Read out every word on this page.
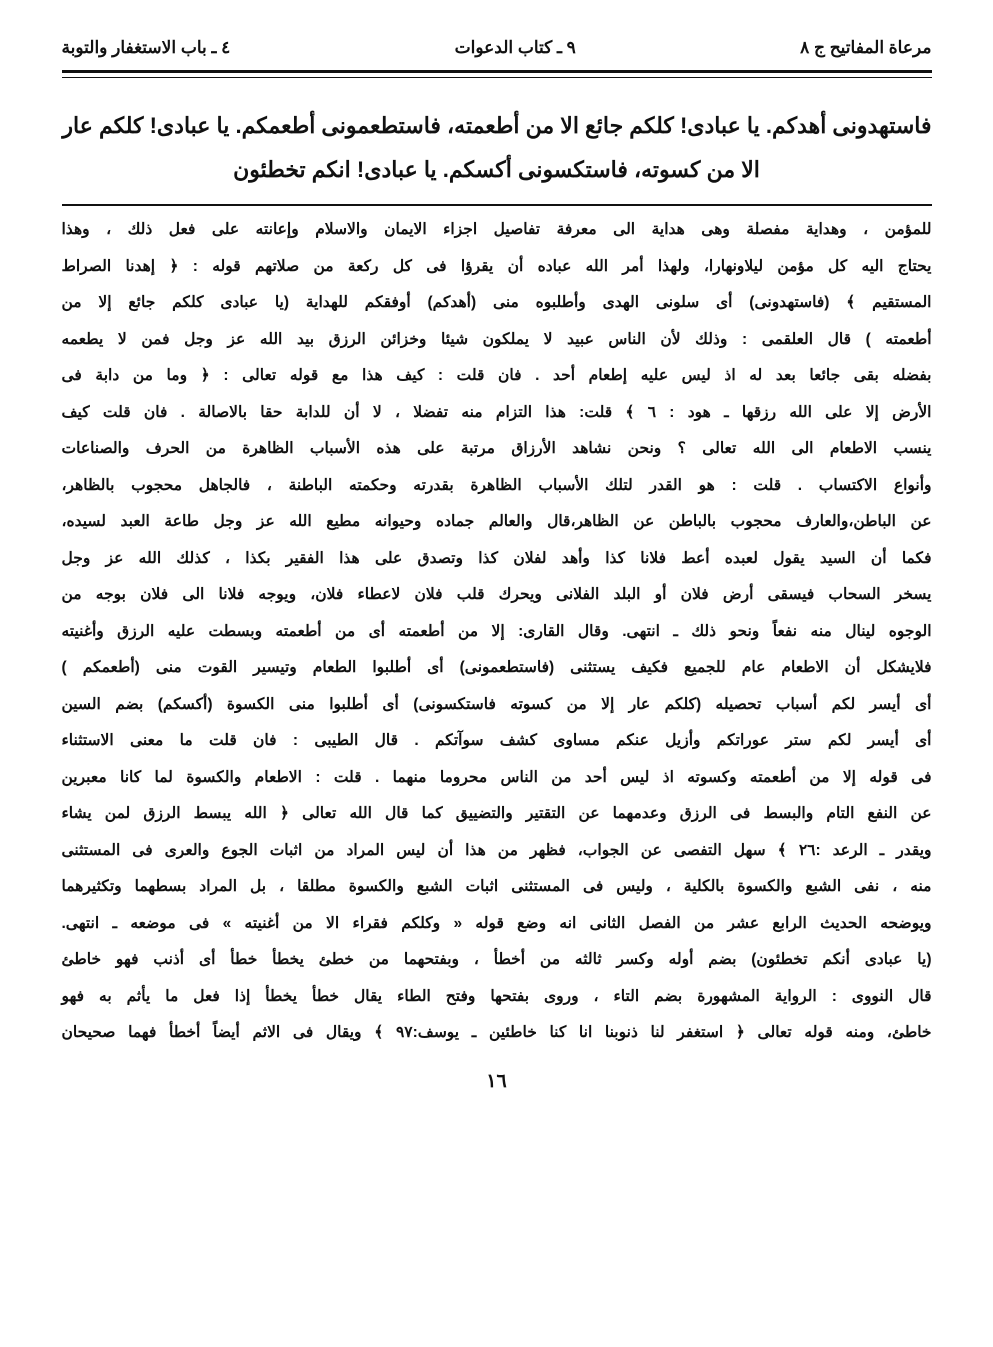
مرعاة المفاتيح ج ٨
٩ ـ كتاب الدعوات
٤ ـ باب الاستغفار والتوبة
فاستهدونى أهدكم. يا عبادى! كلكم جائع الا من أطعمته، فاستطعمونى أطعمكم. يا عبادى! كلكم عار
الا من كسوته، فاستكسونى أكسكم. يا عبادى! انكم تخطئون
للمؤمن ، وهداية مفصلة وهى هداية الى معرفة تفاصيل اجزاء الايمان والاسلام وإعانته على فعل ذلك ، وهذا
يحتاج اليه كل مؤمن ليلاونهارا، ولهذا أمر الله عباده أن يقرؤا فى كل ركعة من صلاتهم قوله : ﴿ إهدنا الصراط
المستقيم ﴾ (فاستهدونى) أى سلونى الهدى وأطلبوه منى (أهدكم) أوفقكم للهداية (يا عبادى كلكم جائع إلا من
أطعمته ) قال العلقمى : وذلك لأن الناس عبيد لا يملكون شيئا وخزائن الرزق بيد الله عز وجل فمن لا يطعمه
بفضله بقى جائعا بعد له اذ ليس عليه إطعام أحد . فان قلت : كيف هذا مع قوله تعالى : ﴿ وما من دابة فى
الأرض إلا على الله رزقها ـ هود : ٦ ﴾ قلت: هذا التزام منه تفضلا ، لا أن للدابة حقا بالاصالة . فان قلت كيف
ينسب الاطعام الى الله تعالى ؟ ونحن نشاهد الأرزاق مرتبة على هذه الأسباب الظاهرة من الحرف والصناعات
وأنواع الاكتساب . قلت : هو القدر لتلك الأسباب الظاهرة بقدرته وحكمته الباطنة ، فالجاهل محجوب بالظاهر،
عن الباطن،والعارف محجوب بالباطن عن الظاهر،قال والعالم جماده وحيوانه مطيع الله عز وجل طاعة العبد لسيده،
فكما أن السيد يقول لعبده أعط فلانا كذا وأهد لفلان كذا وتصدق على هذا الفقير بكذا ، كذلك الله عز وجل
يسخر السحاب فيسقى أرض فلان أو البلد الفلانى ويحرك قلب فلان لاعطاء فلان، ويوجه فلانا الى فلان بوجه من
الوجوه لينال منه نفعاً ونحو ذلك ـ انتهى. وقال القارى: إلا من أطعمته أى من أطعمته وبسطت عليه الرزق وأغنيته
فلايشكل أن الاطعام عام للجميع فكيف يستثنى (فاستطعمونى) أى أطلبوا الطعام وتيسير القوت منى (أطعمكم )
أى أيسر لكم أسباب تحصيله (كلكم عار إلا من كسوته فاستكسونى) أى أطلبوا منى الكسوة (أكسكم) بضم السين
أى أيسر لكم ستر عوراتكم وأزيل عنكم مساوى كشف سوآتكم . قال الطيبى : فان قلت ما معنى الاستثناء
فى قوله إلا من أطعمته وكسوته اذ ليس أحد من الناس محروما منهما . قلت : الاطعام والكسوة لما كانا معبرين
عن النفع التام والبسط فى الرزق وعدمهما عن التقتير والتضييق كما قال الله تعالى ﴿ الله يبسط الرزق لمن يشاء
ويقدر ـ الرعد :٢٦ ﴾ سهل التفصى عن الجواب، فظهر من هذا أن ليس المراد من اثبات الجوع والعرى فى المستثنى
منه ، نفى الشبع والكسوة بالكلية ، وليس فى المستثنى اثبات الشبع والكسوة مطلقا ، بل المراد بسطهما وتكثيرهما
ويوضحه الحديث الرابع عشر من الفصل الثانى انه وضع قوله « وكلكم فقراء الا من أغنيته » فى موضعه ـ انتهى.
(يا عبادى أنكم تخطئون) بضم أوله وكسر ثالثه من أخطأ ، وبفتحهما من خطئ يخطأ خطأ أى أذنب فهو خاطئ
قال النووى : الرواية المشهورة بضم التاء ، وروى بفتحها وفتح الطاء يقال خطأ يخطأ إذا فعل ما يأثم به فهو
خاطئ، ومنه قوله تعالى ﴿ استغفر لنا ذنوبنا انا كنا خاطئين ـ يوسف:٩٧ ﴾ ويقال فى الاثم أيضاً أخطأ فهما صحيحان
١٦
